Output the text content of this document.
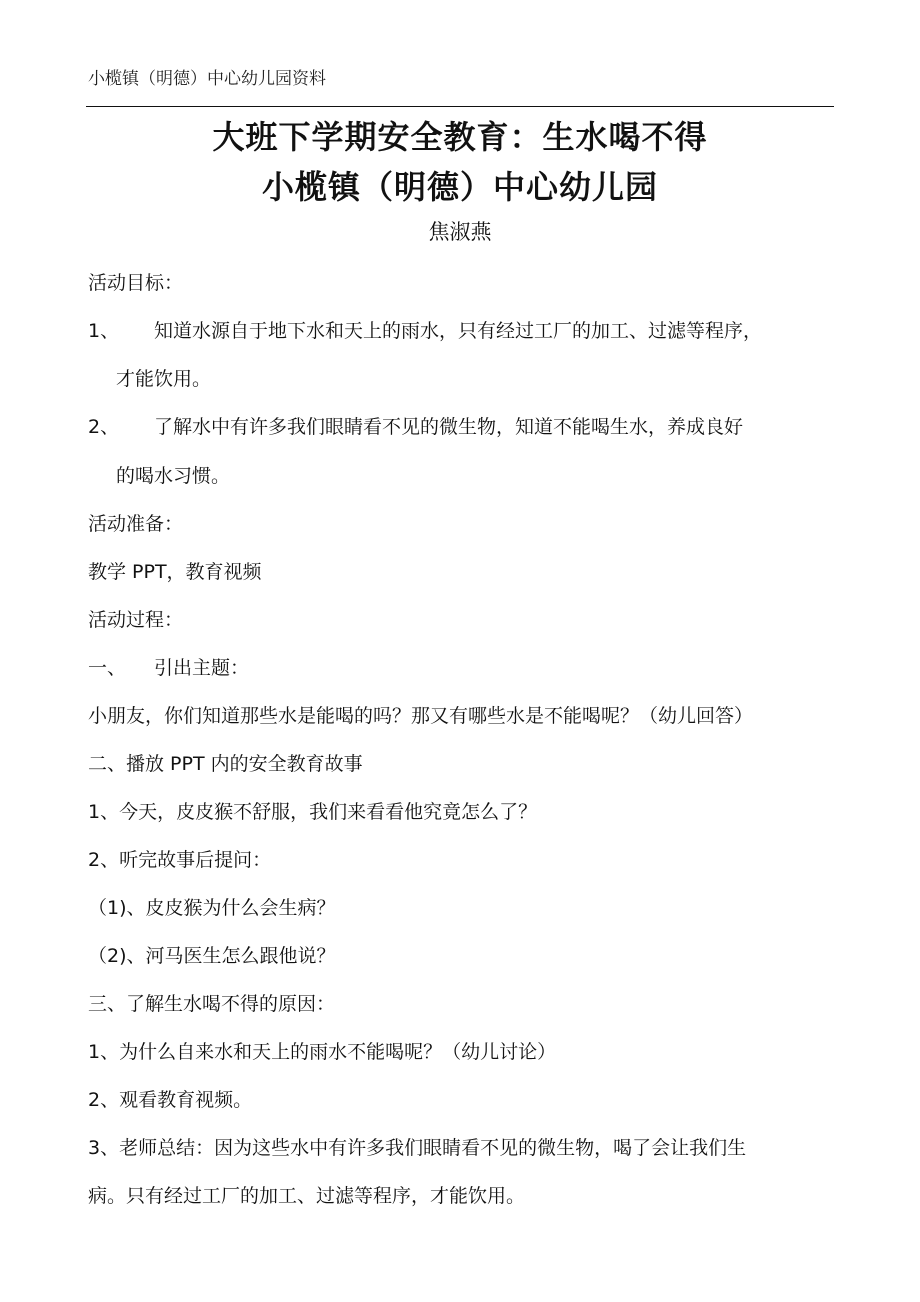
小榄镇（明德）中心幼儿园资料
大班下学期安全教育：生水喝不得
小榄镇（明德）中心幼儿园
焦淑燕
活动目标：
1、 知道水源自于地下水和天上的雨水，只有经过工厂的加工、过滤等程序，
才能饮用。
2、 了解水中有许多我们眼睛看不见的微生物，知道不能喝生水，养成良好
的喝水习惯。
活动准备：
教学 PPT，教育视频
活动过程：
一、 引出主题：
小朋友，你们知道那些水是能喝的吗？那又有哪些水是不能喝呢？（幼儿回答）
二、播放 PPT 内的安全教育故事
1、今天，皮皮猴不舒服，我们来看看他究竟怎么了？
2、听完故事后提问：
（1)、皮皮猴为什么会生病？
（2)、河马医生怎么跟他说？
三、了解生水喝不得的原因：
1、为什么自来水和天上的雨水不能喝呢？（幼儿讨论）
2、观看教育视频。
3、老师总结：因为这些水中有许多我们眼睛看不见的微生物，喝了会让我们生
病。只有经过工厂的加工、过滤等程序，才能饮用。
